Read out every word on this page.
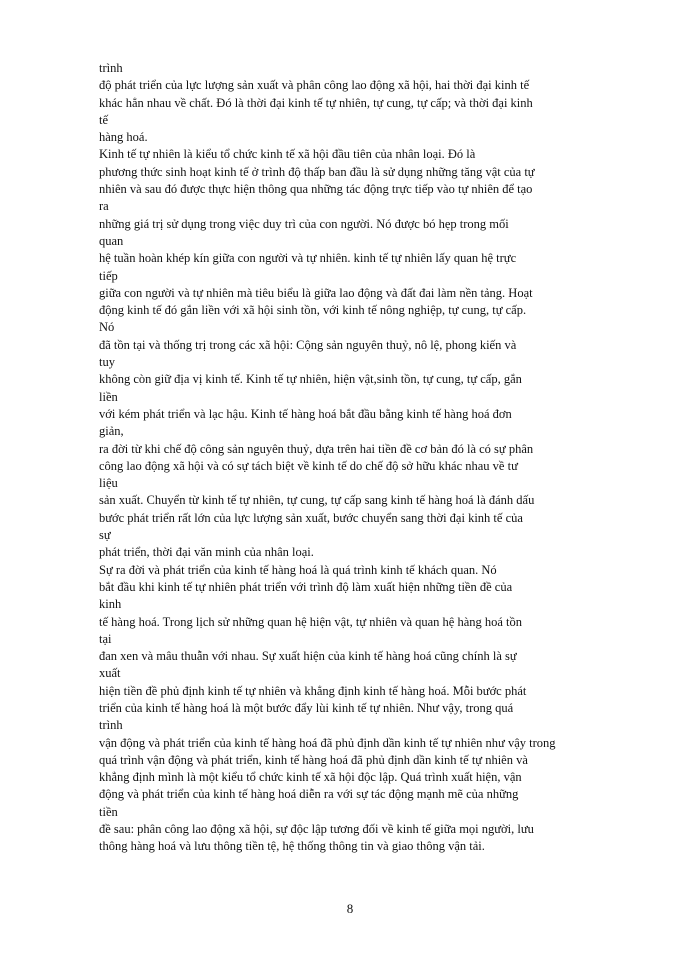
trình
độ phát triển của lực lượng sản xuất và phân công lao động xã hội, hai thời đại kinh tế
khác hẳn nhau về chất. Đó là thời đại kinh tế tự nhiên, tự cung, tự cấp; và thời đại kinh
tế
hàng hoá.
Kinh tế tự nhiên là kiểu tổ chức kinh tế xã hội đầu tiên của nhân loại. Đó là
phương thức sinh hoạt kinh tế ở trình độ thấp ban đầu là sử dụng những tăng vật của tự
nhiên và sau đó được thực hiện thông qua những tác động trực tiếp vào tự nhiên để tạo
ra
những giá trị sử dụng trong việc duy trì của con người. Nó được bó hẹp trong mối
quan
hệ tuần hoàn khép kín giữa con người và tự nhiên. kinh tế tự nhiên lấy quan hệ trực
tiếp
giữa con người và tự nhiên mà tiêu biểu là giữa lao động và đất đai làm nền tảng. Hoạt
động kinh tế đó gắn liền với xã hội sinh tồn, với kinh tế nông nghiệp, tự cung, tự cấp.
Nó
đã tồn tại và thống trị trong các xã hội: Cộng sản nguyên thuỷ, nô lệ, phong kiến và
tuy
không còn giữ địa vị kinh tế. Kinh tế tự nhiên, hiện vật,sinh tồn, tự cung, tự cấp, gắn
liền
với kém phát triển và lạc hậu. Kinh tế hàng hoá bắt đầu bằng kinh tế hàng hoá đơn
giản,
ra đời từ khi chế độ công sản nguyên thuỷ, dựa trên hai tiền đề cơ bản đó là có sự phân
công lao động xã hội và có sự tách biệt về kinh tế do chế độ sở hữu khác nhau về tư
liệu
sản xuất. Chuyển từ kinh tế tự nhiên, tự cung, tự cấp sang kinh tế hàng hoá là đánh dấu
bước phát triển rất lớn của lực lượng sản xuất, bước chuyển sang thời đại kinh tế của
sự
phát triển, thời đại văn minh của nhân loại.
Sự ra đời và phát triển của kinh tế hàng hoá là quá trình kinh tế khách quan. Nó
bắt đầu khi kinh tế tự nhiên phát triển với trình độ làm xuất hiện những tiền đề của
kinh
tế hàng hoá. Trong lịch sử những quan hệ hiện vật, tự nhiên và quan hệ hàng hoá tồn
tại
đan xen và mâu thuẫn với nhau. Sự xuất hiện của kinh tế hàng hoá cũng chính là sự
xuất
hiện tiền đề phủ định kinh tế tự nhiên và khẳng định kinh tế hàng hoá. Mỗi bước phát
triển của kinh tế hàng hoá là một bước đẩy lùi kinh tế tự nhiên. Như vậy, trong quá
trình
vận động và phát triển của kinh tế hàng hoá đã phủ định dần kinh tế tự nhiên như vậy trong
quá trình vận động và phát triển, kinh tế hàng hoá đã phủ định dần kinh tế tự nhiên và
khẳng định mình là một kiểu tổ chức kinh tế xã hội độc lập. Quá trình xuất hiện, vận
động và phát triển của kinh tế hàng hoá diễn ra với sự tác động mạnh mẽ của những
tiền
đề sau: phân công lao động xã hội, sự độc lập tương đối về kinh tế giữa mọi người, lưu
thông hàng hoá và lưu thông tiền tệ, hệ thống thông tin và giao thông vận tải.
8
